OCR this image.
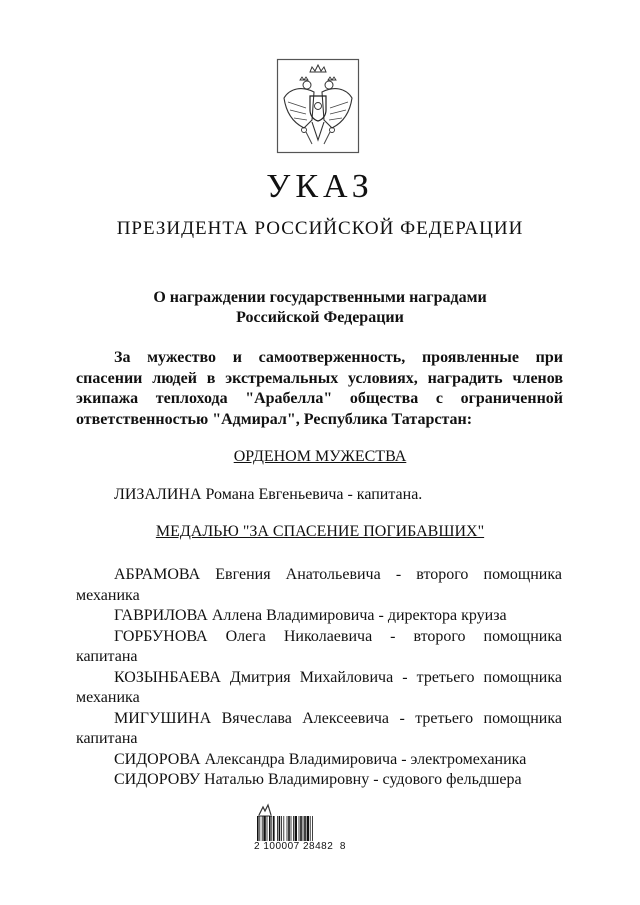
УКАЗ
ПРЕЗИДЕНТА РОССИЙСКОЙ ФЕДЕРАЦИИ
О награждении государственными наградами
Российской Федерации
За мужество и самоотверженность, проявленные при
спасении людей в экстремальных условиях, наградить членов
экипажа теплохода "Арабелла" общества с ограниченной
ответственностью "Адмирал", Республика Татарстан:
ОРДЕНОМ МУЖЕСТВА
ЛИЗАЛИНА Романа Евгеньевича - капитана.
МЕДАЛЬЮ "ЗА СПАСЕНИЕ ПОГИБАВШИХ"
АБРАМОВА Евгения Анатольевича - второго помощника
механика
ГАВРИЛОВА Аллена Владимировича - директора круиза
ГОРБУНОВА Олега Николаевича - второго помощника
капитана
КОЗЫНБАЕВА Дмитрия Михайловича - третьего помощника
механика
МИГУШИНА Вячеслава Алексеевича - третьего помощника
капитана
СИДОРОВА Александра Владимировича - электромеханика
СИДОРОВУ Наталью Владимировну - судового фельдшера
2 100007 28482  8
